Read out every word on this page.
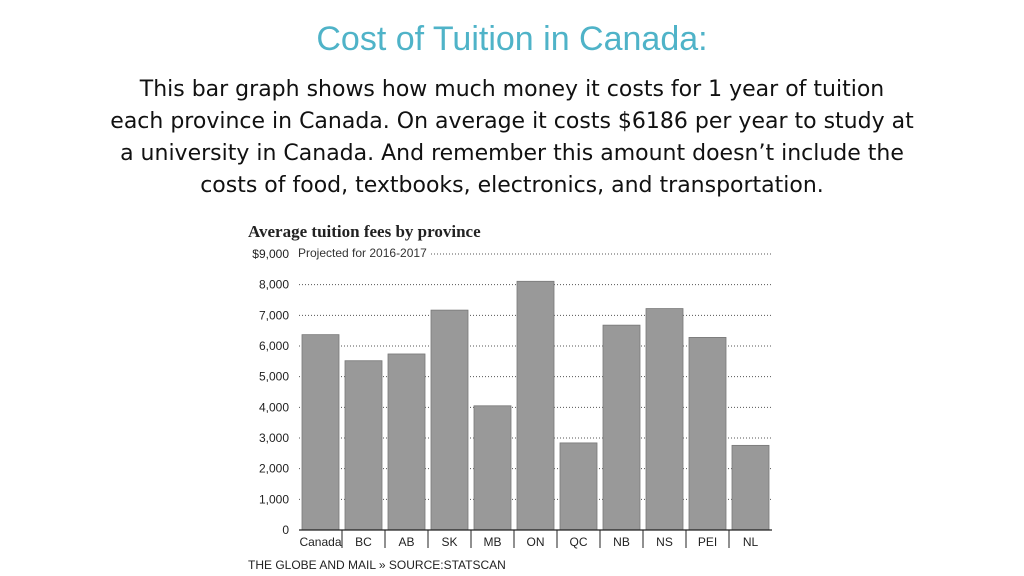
Cost of Tuition in Canada:
This bar graph shows how much money it costs for 1 year of tuition each province in Canada. On average it costs $6186 per year to study at a university in Canada. And remember this amount doesn’t include the costs of food, textbooks, electronics, and transportation.
Average tuition fees by province
0
1,000
2,000
3,000
4,000
5,000
6,000
7,000
8,000
$9,000
Canada BC AB SK MB ON QC NB NS PEI NL
Projected for 2016-2017
THE GLOBE AND MAIL » SOURCE:STATSCAN
